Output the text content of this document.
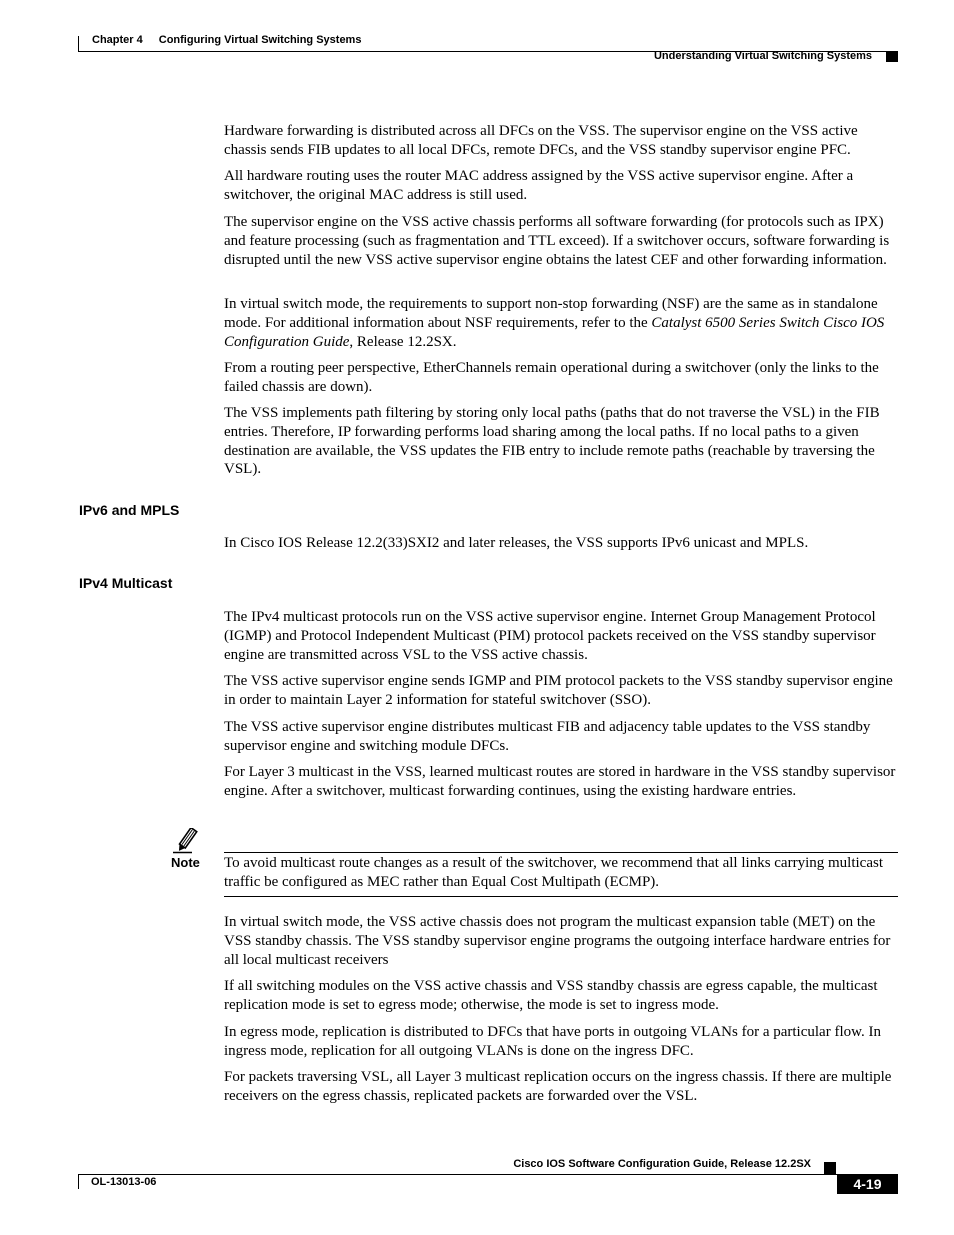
Chapter 4 Configuring Virtual Switching Systems
Understanding Virtual Switching Systems

Hardware forwarding is distributed across all DFCs on the VSS. The supervisor engine on the VSS active chassis sends FIB updates to all local DFCs, remote DFCs, and the VSS standby supervisor engine PFC.

All hardware routing uses the router MAC address assigned by the VSS active supervisor engine. After a switchover, the original MAC address is still used.

The supervisor engine on the VSS active chassis performs all software forwarding (for protocols such as IPX) and feature processing (such as fragmentation and TTL exceed). If a switchover occurs, software forwarding is disrupted until the new VSS active supervisor engine obtains the latest CEF and other forwarding information.

In virtual switch mode, the requirements to support non-stop forwarding (NSF) are the same as in standalone mode. For additional information about NSF requirements, refer to the Catalyst 6500 Series Switch Cisco IOS Configuration Guide, Release 12.2SX.

From a routing peer perspective, EtherChannels remain operational during a switchover (only the links to the failed chassis are down).

The VSS implements path filtering by storing only local paths (paths that do not traverse the VSL) in the FIB entries. Therefore, IP forwarding performs load sharing among the local paths. If no local paths to a given destination are available, the VSS updates the FIB entry to include remote paths (reachable by traversing the VSL).

IPv6 and MPLS

In Cisco IOS Release 12.2(33)SXI2 and later releases, the VSS supports IPv6 unicast and MPLS.

IPv4 Multicast

The IPv4 multicast protocols run on the VSS active supervisor engine. Internet Group Management Protocol (IGMP) and Protocol Independent Multicast (PIM) protocol packets received on the VSS standby supervisor engine are transmitted across VSL to the VSS active chassis.

The VSS active supervisor engine sends IGMP and PIM protocol packets to the VSS standby supervisor engine in order to maintain Layer 2 information for stateful switchover (SSO).

The VSS active supervisor engine distributes multicast FIB and adjacency table updates to the VSS standby supervisor engine and switching module DFCs.

For Layer 3 multicast in the VSS, learned multicast routes are stored in hardware in the VSS standby supervisor engine. After a switchover, multicast forwarding continues, using the existing hardware entries.

Note To avoid multicast route changes as a result of the switchover, we recommend that all links carrying multicast traffic be configured as MEC rather than Equal Cost Multipath (ECMP).

In virtual switch mode, the VSS active chassis does not program the multicast expansion table (MET) on the VSS standby chassis. The VSS standby supervisor engine programs the outgoing interface hardware entries for all local multicast receivers

If all switching modules on the VSS active chassis and VSS standby chassis are egress capable, the multicast replication mode is set to egress mode; otherwise, the mode is set to ingress mode.

In egress mode, replication is distributed to DFCs that have ports in outgoing VLANs for a particular flow. In ingress mode, replication for all outgoing VLANs is done on the ingress DFC.

For packets traversing VSL, all Layer 3 multicast replication occurs on the ingress chassis. If there are multiple receivers on the egress chassis, replicated packets are forwarded over the VSL.

Cisco IOS Software Configuration Guide, Release 12.2SX
OL-13013-06	4-19
